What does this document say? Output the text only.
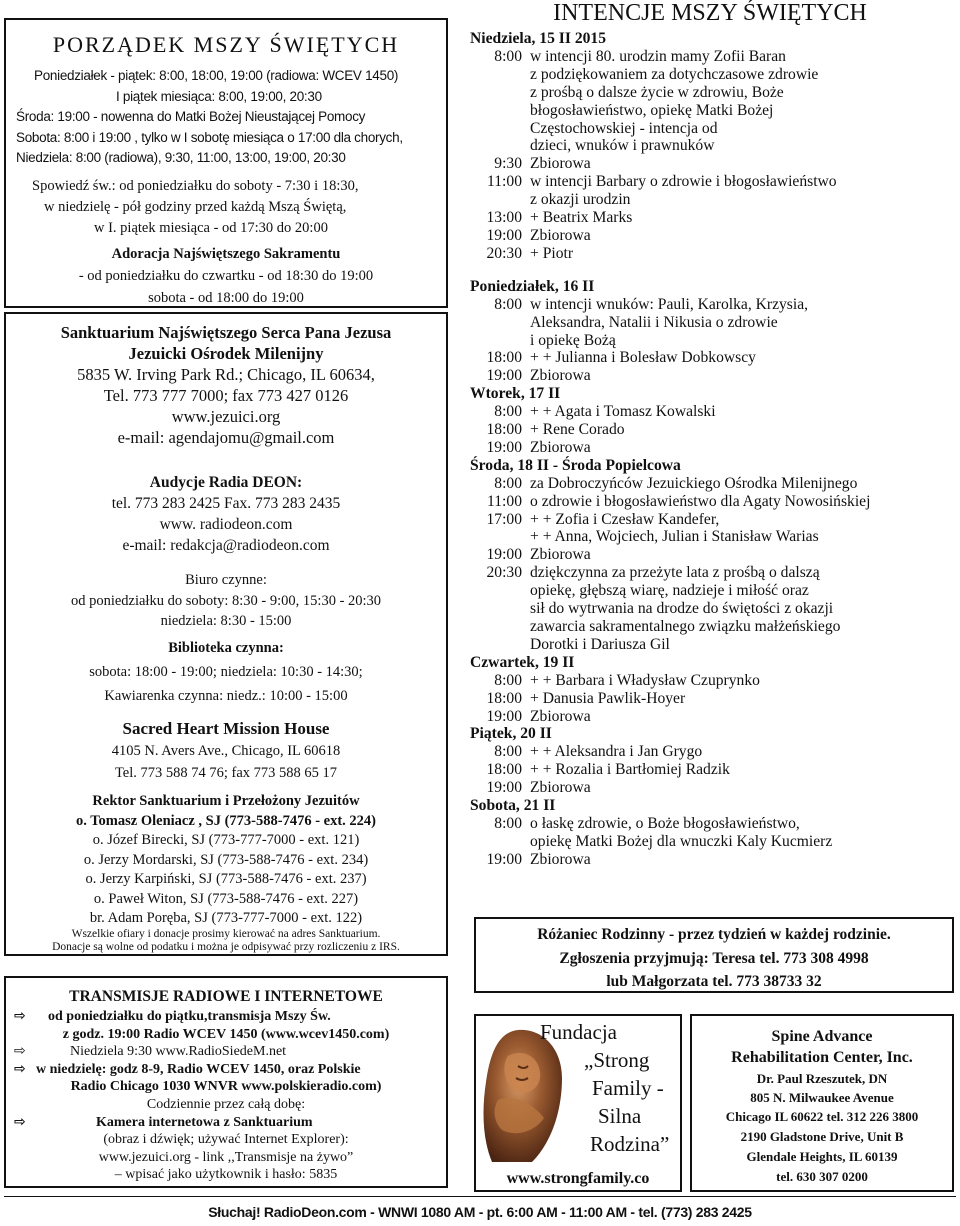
PORZĄDEK MSZY ŚWIĘTYCH
Poniedziałek - piątek: 8:00, 18:00, 19:00 (radiowa: WCEV 1450)
I piątek miesiąca: 8:00, 19:00, 20:30
Środa: 19:00 - nowenna do Matki Bożej Nieustającej Pomocy
Sobota: 8:00 i 19:00 , tylko w I sobotę miesiąca o 17:00 dla chorych,
Niedziela: 8:00 (radiowa), 9:30, 11:00, 13:00, 19:00, 20:30
Spowiedź św.: od poniedziałku do soboty - 7:30 i 18:30,
w niedzielę - pół godziny przed każdą Mszą Świętą,
w I. piątek miesiąca - od 17:30 do 20:00
Adoracja Najświętszego Sakramentu
- od poniedziałku do czwartku - od 18:30 do 19:00
sobota - od 18:00 do 19:00
Sanktuarium Najświętszego Serca Pana Jezusa
Jezuicki Ośrodek Milenijny
5835 W. Irving Park Rd.; Chicago, IL 60634,
Tel. 773 777 7000; fax 773 427 0126
www.jezuici.org
e-mail: agendajomu@gmail.com
Audycje Radia DEON:
tel. 773 283 2425 Fax. 773 283 2435
www. radiodeon.com
e-mail: redakcja@radiodeon.com
Biuro czynne:
od poniedziałku do soboty: 8:30 - 9:00, 15:30 - 20:30
niedziela: 8:30 - 15:00
Biblioteka czynna:
sobota: 18:00 - 19:00; niedziela: 10:30 - 14:30;
Kawiarenka czynna: niedz.: 10:00 - 15:00
Sacred Heart Mission House
4105 N. Avers Ave., Chicago, IL 60618
Tel. 773 588 74 76; fax 773 588 65 17
Rektor Sanktuarium i Przełożony Jezuitów
o. Tomasz Oleniacz , SJ (773-588-7476 - ext. 224)
o. Józef Birecki, SJ (773-777-7000 - ext. 121)
o. Jerzy Mordarski, SJ (773-588-7476 - ext. 234)
o. Jerzy Karpiński, SJ (773-588-7476 - ext. 237)
o. Paweł Witon, SJ (773-588-7476 - ext. 227)
br. Adam Poręba, SJ (773-777-7000 - ext. 122)
Wszelkie ofiary i donacje prosimy kierować na adres Sanktuarium.
Donacje są wolne od podatku i można je odpisywać przy rozliczeniu z IRS.
TRANSMISJE RADIOWE I INTERNETOWE
⇨ od poniedziałku do piątku,transmisja Mszy Św.
z godz. 19:00 Radio WCEV 1450 (www.wcev1450.com)
⇨	Niedziela 9:30 www.RadioSiedeM.net
⇨ w niedzielę: godz 8-9, Radio WCEV 1450, oraz Polskie
Radio Chicago 1030 WNVR www.polskieradio.com)
Codziennie przez całą dobę:
⇨	Kamera internetowa z Sanktuarium
(obraz i dźwięk; używać Internet Explorer):
www.jezuici.org - link ,,Transmisje na żywo”
– wpisać jako użytkownik i hasło: 5835
INTENCJE MSZY ŚWIĘTYCH
Niedziela, 15 II 2015
8:00 w intencji 80. urodzin mamy Zofii Baran
z podziękowaniem za dotychczasowe zdrowie
z prośbą o dalsze życie w zdrowiu, Boże
błogosławieństwo, opiekę Matki Bożej
Częstochowskiej - intencja od
dzieci, wnuków i prawnuków
9:30 Zbiorowa
11:00 w intencji Barbary o zdrowie i błogosławieństwo
z okazji urodzin
13:00 + Beatrix Marks
19:00 Zbiorowa
20:30 + Piotr
Poniedziałek, 16 II
8:00 w intencji wnuków: Pauli, Karolka, Krzysia,
Aleksandra, Natalii i Nikusia o zdrowie
i opiekę Bożą
18:00 + + Julianna i Bolesław Dobkowscy
19:00 Zbiorowa
Wtorek, 17 II
8:00 + + Agata i Tomasz Kowalski
18:00 + Rene Corado
19:00 Zbiorowa
Środa, 18 II - Środa Popielcowa
8:00 za Dobroczyńców Jezuickiego Ośrodka Milenijnego
11:00 o zdrowie i błogosławieństwo dla Agaty Nowosińskiej
17:00 + + Zofia i Czesław Kandefer,
+ + Anna, Wojciech, Julian i Stanisław Warias
19:00 Zbiorowa
20:30 dziękczynna za przeżyte lata z prośbą o dalszą
opiekę, głębszą wiarę, nadzieje i miłość oraz
sił do wytrwania na drodze do świętości z okazji
zawarcia sakramentalnego związku małżeńskiego
Dorotki i Dariusza Gil
Czwartek, 19 II
8:00 + + Barbara i Władysław Czuprynko
18:00 + Danusia Pawlik-Hoyer
19:00 Zbiorowa
Piątek, 20 II
8:00 + + Aleksandra i Jan Grygo
18:00 + + Rozalia i Bartłomiej Radzik
19:00 Zbiorowa
Sobota, 21 II
8:00 o łaskę zdrowie, o Boże błogosławieństwo,
opiekę Matki Bożej dla wnuczki Kaly Kucmierz
19:00 Zbiorowa
Różaniec Rodzinny - przez tydzień w każdej rodzinie.
Zgłoszenia przyjmują: Teresa tel. 773 308 4998
lub Małgorzata tel. 773 38733 32
Fundacja
„Strong
Family -
Silna
Rodzina”
www.strongfamily.co
Spine Advance
Rehabilitation Center, Inc.
Dr. Paul Rzeszutek, DN
805 N. Milwaukee Avenue
Chicago IL 60622 tel. 312 226 3800
2190 Gladstone Drive, Unit B
Glendale Heights, IL 60139
tel. 630 307 0200
Słuchaj! RadioDeon.com - WNWI 1080 AM - pt. 6:00 AM - 11:00 AM - tel. (773) 283 2425
